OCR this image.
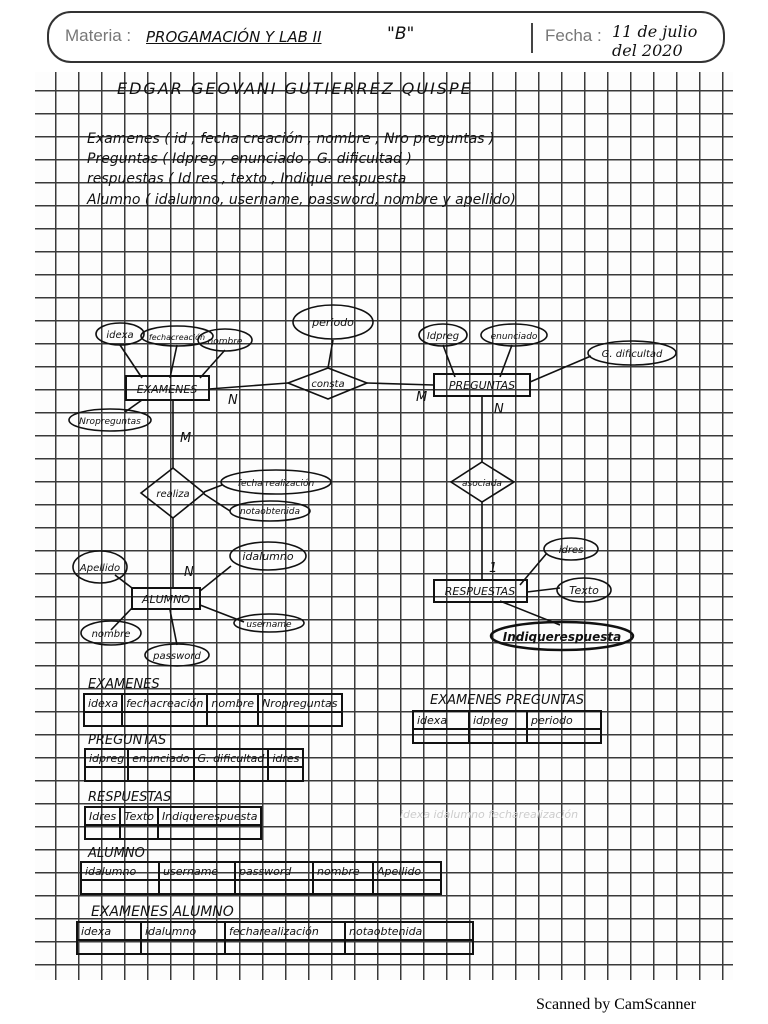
Materia : PROGAMACIÓN Y LAB II	"B"	Fecha : 11 de julio del 2020
EDGAR GEOVANI GUTIERREZ QUISPE
Examenes ( id , fecha creación , nombre , Nro preguntas )
Preguntas ( Idpreg , enunciado , G. dificultad )
respuestas ( Id res , texto , Indique respuesta
Alumno ( idalumno, username, password, nombre y apellido)
EXAMENES	PREGUNTAS
ALUMNO
RESPUESTAS
consta
realiza
asociada
idexa fechacreación nombre
Nropreguntas
periodo
Idpreg	enunciado
G. dificultad
fecha realización
notaobtenida
Apellido
idalumno
nombre
password
username
idres
Texto
Indiquerespuesta
N	M
M
N
N
1
EXAMENES
idexa	fechacreación	nombre	Nropreguntas
				EXAMENES PREGUNTAS
idexa	idpreg	periodo

PREGUNTAS
idpreg	enunciado	G. dificultad	idres

RESPUESTAS
Idres	Texto	Indiquerespuesta
			idexa idalumno fecharealización
ALUMNO
idalumno	username	password	nombre	Apellido

EXAMENES ALUMNO
idexa	idalumno	fecharealización	notaobtenida

Scanned by CamScanner
